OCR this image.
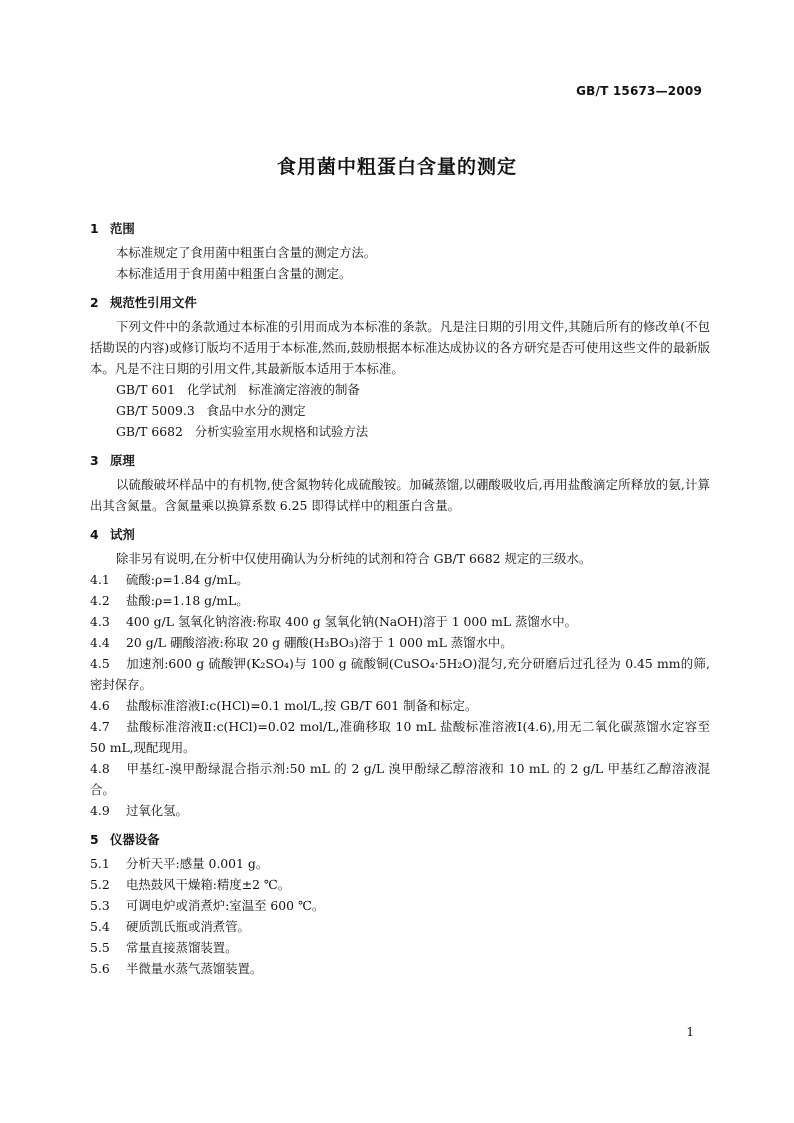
GB/T 15673—2009
食用菌中粗蛋白含量的测定
1 范围
本标准规定了食用菌中粗蛋白含量的测定方法。
本标准适用于食用菌中粗蛋白含量的测定。
2 规范性引用文件
下列文件中的条款通过本标准的引用而成为本标准的条款。凡是注日期的引用文件,其随后所有的修改单(不包括勘误的内容)或修订版均不适用于本标准,然而,鼓励根据本标准达成协议的各方研究是否可使用这些文件的最新版本。凡是不注日期的引用文件,其最新版本适用于本标准。
GB/T 601   化学试剂   标准滴定溶液的制备
GB/T 5009.3   食品中水分的测定
GB/T 6682   分析实验室用水规格和试验方法
3 原理
以硫酸破坏样品中的有机物,使含氮物转化成硫酸铵。加碱蒸馏,以硼酸吸收后,再用盐酸滴定所释放的氨,计算出其含氮量。含氮量乘以换算系数 6.25 即得试样中的粗蛋白含量。
4 试剂
除非另有说明,在分析中仅使用确认为分析纯的试剂和符合 GB/T 6682 规定的三级水。
4.1 硫酸:ρ=1.84 g/mL。
4.2 盐酸:ρ=1.18 g/mL。
4.3 400 g/L 氢氧化钠溶液:称取 400 g 氢氧化钠(NaOH)溶于 1 000 mL 蒸馏水中。
4.4 20 g/L 硼酸溶液:称取 20 g 硼酸(H₃BO₃)溶于 1 000 mL 蒸馏水中。
4.5 加速剂:600 g 硫酸钾(K₂SO₄)与 100 g 硫酸铜(CuSO₄·5H₂O)混匀,充分研磨后过孔径为 0.45 mm的筛,密封保存。
4.6 盐酸标准溶液Ⅰ:c(HCl)=0.1 mol/L,按 GB/T 601 制备和标定。
4.7 盐酸标准溶液Ⅱ:c(HCl)=0.02 mol/L,准确移取 10 mL 盐酸标准溶液Ⅰ(4.6),用无二氧化碳蒸馏水定容至 50 mL,现配现用。
4.8 甲基红-溴甲酚绿混合指示剂:50 mL 的 2 g/L 溴甲酚绿乙醇溶液和 10 mL 的 2 g/L 甲基红乙醇溶液混合。
4.9 过氧化氢。
5 仪器设备
5.1 分析天平:感量 0.001 g。
5.2 电热鼓风干燥箱:精度±2 ℃。
5.3 可调电炉或消煮炉:室温至 600 ℃。
5.4 硬质凯氏瓶或消煮管。
5.5 常量直接蒸馏装置。
5.6 半微量水蒸气蒸馏装置。
1
